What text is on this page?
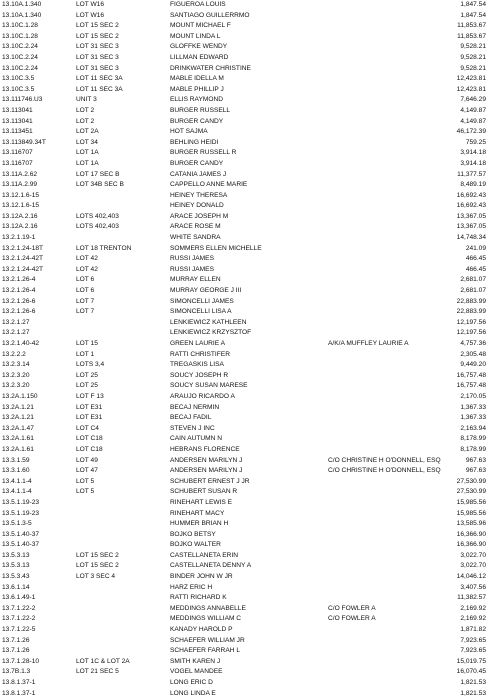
13.10A.1.340	LOT W16	FIGUEROA LOUIS	1,847.54
13.10A.1.340	LOT W16	SANTIAGO GUILLERRMO	1,847.54
13.10C.1.28	LOT 15 SEC 2	MOUNT MICHAEL F	11,853.67
13.10C.1.28	LOT 15 SEC 2	MOUNT LINDA L	11,853.67
13.10C.2.24	LOT 31 SEC 3	GLOFFKE WENDY	9,528.21
13.10C.2.24	LOT 31 SEC 3	LILLMAN EDWARD	9,528.21
13.10C.2.24	LOT 31 SEC 3	DRINKWATER CHRISTINE	9,528.21
13.10C.3.5	LOT 11 SEC 3A	MABLE IDELLA M	12,423.81
13.10C.3.5	LOT 11 SEC 3A	MABLE PHILLIP J	12,423.81
13.111746.U3	UNIT 3	ELLIS RAYMOND	7,646.29
13.113041	LOT 2	BURGER RUSSELL	4,149.87
13.113041	LOT 2	BURGER CANDY	4,149.87
13.113451	LOT 2A	HOT SAJMA	46,172.39
13.113849.34T	LOT 34	BEHLING HEIDI	759.25
13.116707	LOT 1A	BURGER RUSSELL R	3,914.18
13.116707	LOT 1A	BURGER CANDY	3,914.18
13.11A.2.62	LOT 17 SEC B	CATANIA JAMES J	11,377.57
13.11A.2.99	LOT 34B SEC B	CAPPELLO ANNE MARIE	8,489.19
13.12.1.6-15	HEINEY THERESA	16,692.43
13.12.1.6-15	HEINEY DONALD	16,692.43
13.12A.2.16	LOTS 402,403	ARACE JOSEPH M	13,367.05
13.12A.2.16	LOTS 402,403	ARACE ROSE M	13,367.05
13.2.1.19-1	WHITE SANDRA	14,748.34
13.2.1.24-18T	LOT 18 TRENTON	SOMMERS ELLEN MICHELLE	241.09
13.2.1.24-42T	LOT 42	RUSSI JAMES	466.45
13.2.1.24-42T	LOT 42	RUSSI JAMES	466.45
13.2.1.26-4	LOT 6	MURRAY ELLEN	2,681.07
13.2.1.26-4	LOT 6	MURRAY GEORGE J III	2,681.07
13.2.1.26-6	LOT 7	SIMONCELLI JAMES	22,883.99
13.2.1.26-6	LOT 7	SIMONCELLI LISA A	22,883.99
13.2.1.27	LENKIEWICZ KATHLEEN	12,197.56
13.2.1.27	LENKIEWICZ KRZYSZTOF	12,197.56
13.2.1.40-42	LOT 15	GREEN LAURIE A	A/K/A MUFFLEY LAURIE A	4,757.36
13.2.2.2	LOT 1	RATTI CHRISTIFER	2,305.48
13.2.3.14	LOTS 3,4	TREGASKIS LISA	9,449.20
13.2.3.20	LOT 25	SOUCY JOSEPH R	16,757.48
13.2.3.20	LOT 25	SOUCY SUSAN MARESE	16,757.48
13.2A.1.150	LOT F 13	ARAUJO RICARDO A	2,170.05
13.2A.1.21	LOT E31	BECAJ NERMIN	1,367.33
13.2A.1.21	LOT E31	BECAJ FADIL	1,367.33
13.2A.1.47	LOT C4	STEVEN J INC	2,163.94
13.2A.1.61	LOT C18	CAIN AUTUMN N	8,178.99
13.2A.1.61	LOT C18	HEBRANS FLORENCE	8,178.99
13.3.1.59	LOT 49	ANDERSEN MARILYN J	C/O CHRISTINE H O'DONNELL, ESQ	967.63
13.3.1.60	LOT 47	ANDERSEN MARILYN J	C/O CHRISTINE H O'DONNELL, ESQ	967.63
13.4.1.1-4	LOT 5	SCHUBERT ERNEST J JR	27,530.99
13.4.1.1-4	LOT 5	SCHUBERT SUSAN R	27,530.99
13.5.1.19-23	RINEHART LEWIS E	15,985.56
13.5.1.19-23	RINEHART MACY	15,985.56
13.5.1.3-5	HUMMER BRIAN H	13,585.96
13.5.1.40-37	BOJKO BETSY	16,366.90
13.5.1.40-37	BOJKO WALTER	16,366.90
13.5.3.13	LOT 15 SEC 2	CASTELLANETA ERIN	3,022.70
13.5.3.13	LOT 15 SEC 2	CASTELLANETA DENNY A	3,022.70
13.5.3.43	LOT 3 SEC 4	BINDER JOHN W JR	14,046.12
13.6.1.14	HARZ ERIC H	3,407.56
13.6.1.49-1	RATTI RICHARD K	11,382.57
13.7.1.22-2	MEDDINGS ANNABELLE	C/O FOWLER A	2,169.92
13.7.1.22-2	MEDDINGS WILLIAM C	C/O FOWLER A	2,169.92
13.7.1.22-5	KANADY HAROLD P	1,871.82
13.7.1.26	SCHAEFER WILLIAM JR	7,923.65
13.7.1.26	SCHAEFER FARRAH L	7,923.65
13.7.1.28-10	LOT 1C & LOT 2A	SMITH KAREN J	15,019.75
13.7B.1.3	LOT 21 SEC 5	VOGEL MANDEE	16,070.45
13.8.1.37-1	LONG ERIC D	1,821.53
13.8.1.37-1	LONG LINDA E	1,821.53
